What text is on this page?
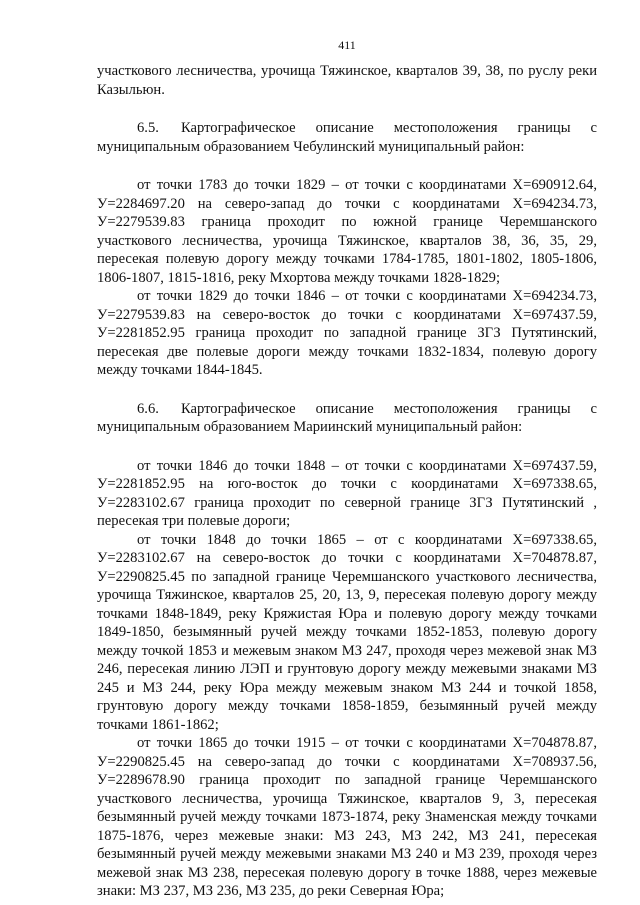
411

участкового лесничества, урочища Тяжинское, кварталов 39, 38, по руслу реки Казыльюн.

6.5. Картографическое описание местоположения границы с муниципальным образованием Чебулинский муниципальный район:

от точки 1783 до точки 1829 – от точки с координатами Х=690912.64, У=2284697.20 на северо-запад до точки с координатами Х=694234.73, У=2279539.83 граница проходит по южной границе Черемшанского участкового лесничества, урочища Тяжинское, кварталов 38, 36, 35, 29, пересекая полевую дорогу между точками 1784-1785, 1801-1802, 1805-1806, 1806-1807, 1815-1816, реку Мхортова между точками 1828-1829;

от точки 1829 до точки 1846 – от точки с координатами Х=694234.73, У=2279539.83 на северо-восток до точки с координатами Х=697437.59, У=2281852.95 граница проходит по западной границе ЗГЗ Путятинский, пересекая две полевые дороги между точками 1832-1834, полевую дорогу между точками 1844-1845.

6.6. Картографическое описание местоположения границы с муниципальным образованием Мариинский муниципальный район:

от точки 1846 до точки 1848 – от точки с координатами Х=697437.59, У=2281852.95 на юго-восток до точки с координатами Х=697338.65, У=2283102.67 граница проходит по северной границе ЗГЗ Путятинский , пересекая три полевые дороги;

от точки 1848 до точки 1865 – от с координатами Х=697338.65, У=2283102.67 на северо-восток до точки с координатами Х=704878.87, У=2290825.45 по западной границе Черемшанского участкового лесничества, урочища Тяжинское, кварталов 25, 20, 13, 9, пересекая полевую дорогу между точками 1848-1849, реку Кряжистая Юра и полевую дорогу между точками 1849-1850, безымянный ручей между точками 1852-1853, полевую дорогу между точкой 1853 и межевым знаком МЗ 247, проходя через межевой знак МЗ 246, пересекая линию ЛЭП и грунтовую дорогу между межевыми знаками МЗ 245 и МЗ 244, реку Юра между межевым знаком МЗ 244 и точкой 1858, грунтовую дорогу между точками 1858-1859, безымянный ручей между точками 1861-1862;

от точки 1865 до точки 1915 – от точки с координатами Х=704878.87, У=2290825.45 на северо-запад до точки с координатами Х=708937.56, У=2289678.90 граница проходит по западной границе Черемшанского участкового лесничества, урочища Тяжинское, кварталов 9, 3, пересекая безымянный ручей между точками 1873-1874, реку Знаменская между точками 1875-1876, через межевые знаки: МЗ 243, МЗ 242, МЗ 241, пересекая безымянный ручей между межевыми знаками МЗ 240 и МЗ 239, проходя через межевой знак МЗ 238, пересекая полевую дорогу в точке 1888, через межевые знаки: МЗ 237, МЗ 236, МЗ 235, до реки Северная Юра;
